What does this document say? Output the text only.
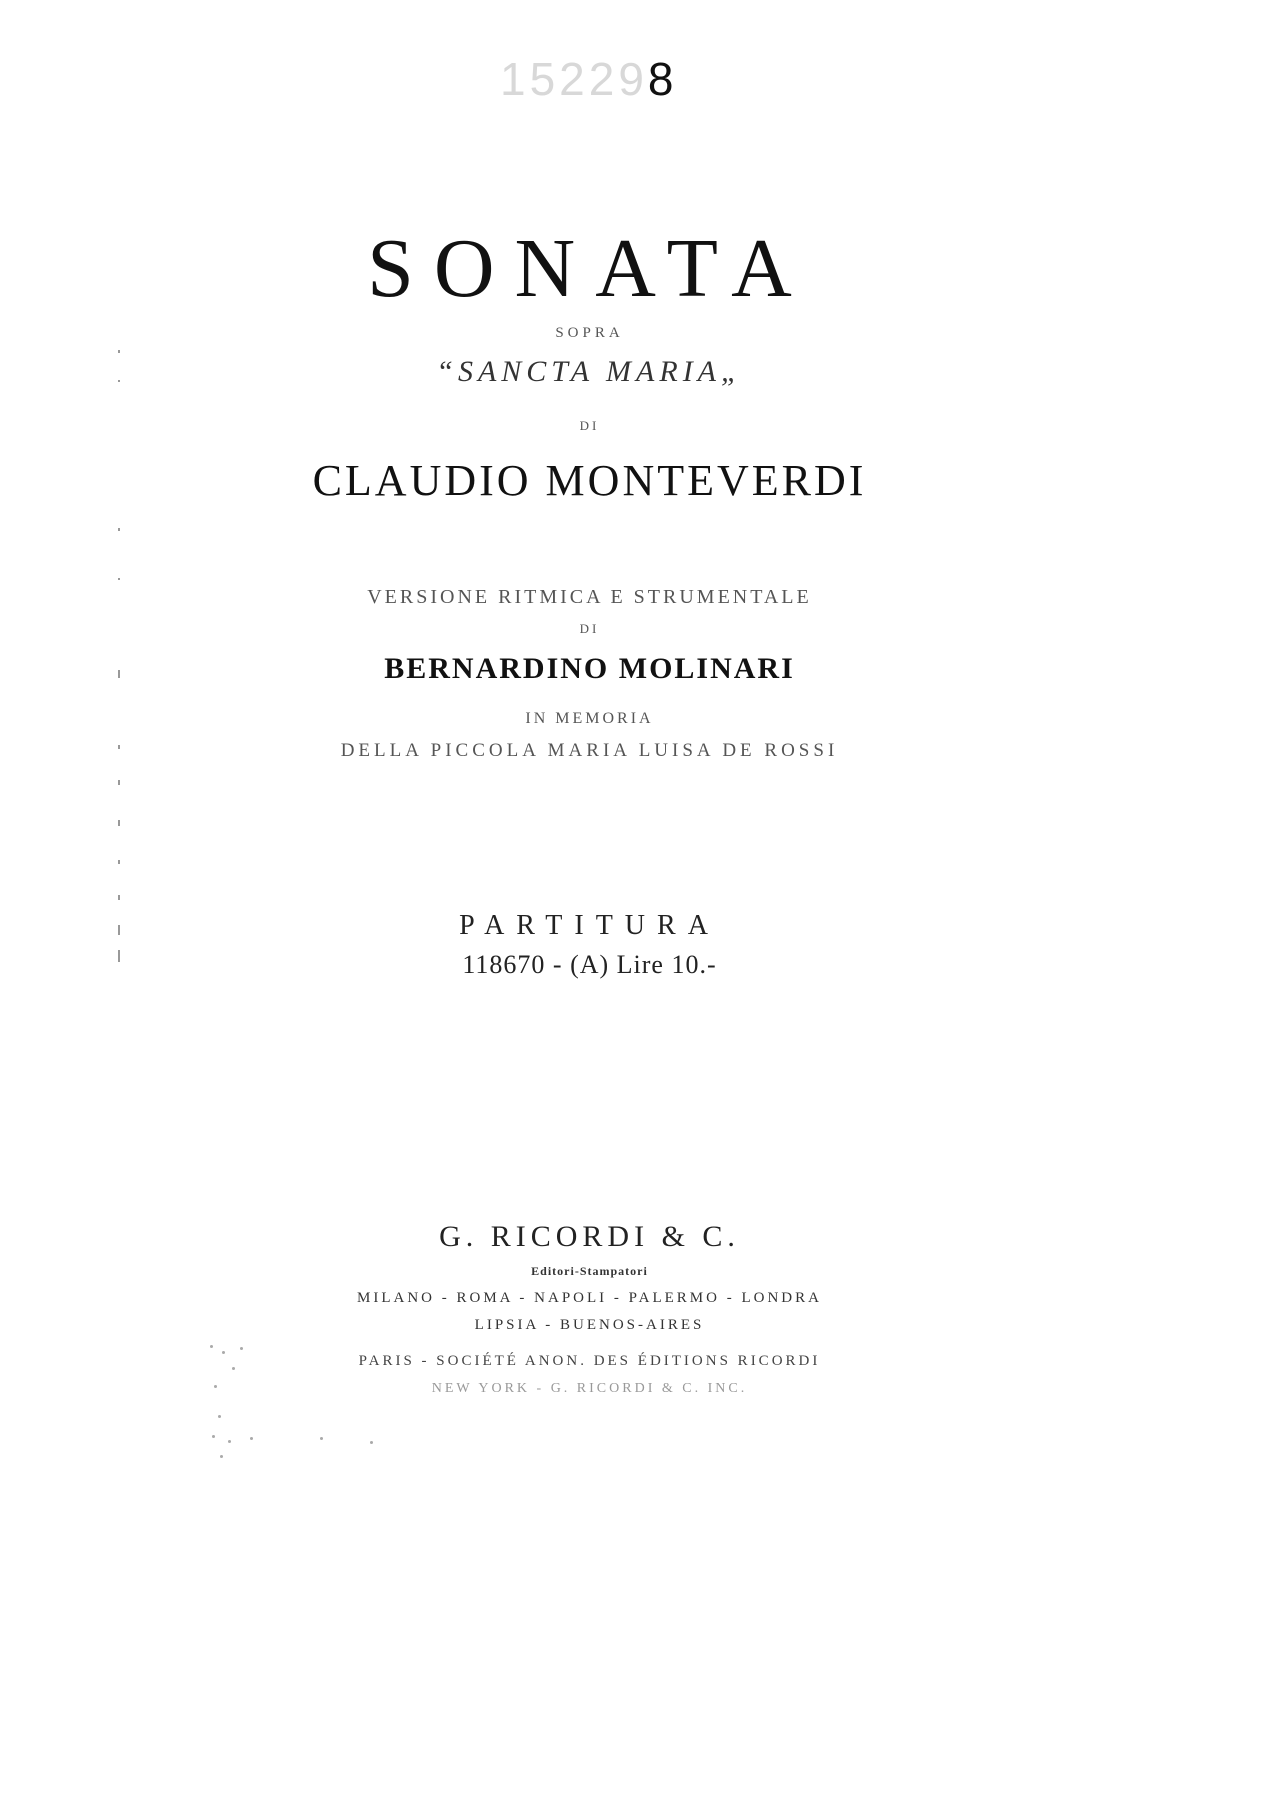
152298
SONATA
SOPRA
“SANCTA MARIA„
DI
CLAUDIO MONTEVERDI
VERSIONE RITMICA E STRUMENTALE
DI
BERNARDINO MOLINARI
IN MEMORIA
DELLA PICCOLA MARIA LUISA DE ROSSI
PARTITURA
118670 - (A) Lire 10.-
G. RICORDI & C.
Editori-Stampatori
MILANO - ROMA - NAPOLI - PALERMO - LONDRA
LIPSIA - BUENOS-AIRES
PARIS - SOCIÉTÉ ANON. DES ÉDITIONS RICORDI
NEW YORK - G. RICORDI & C. INC.
